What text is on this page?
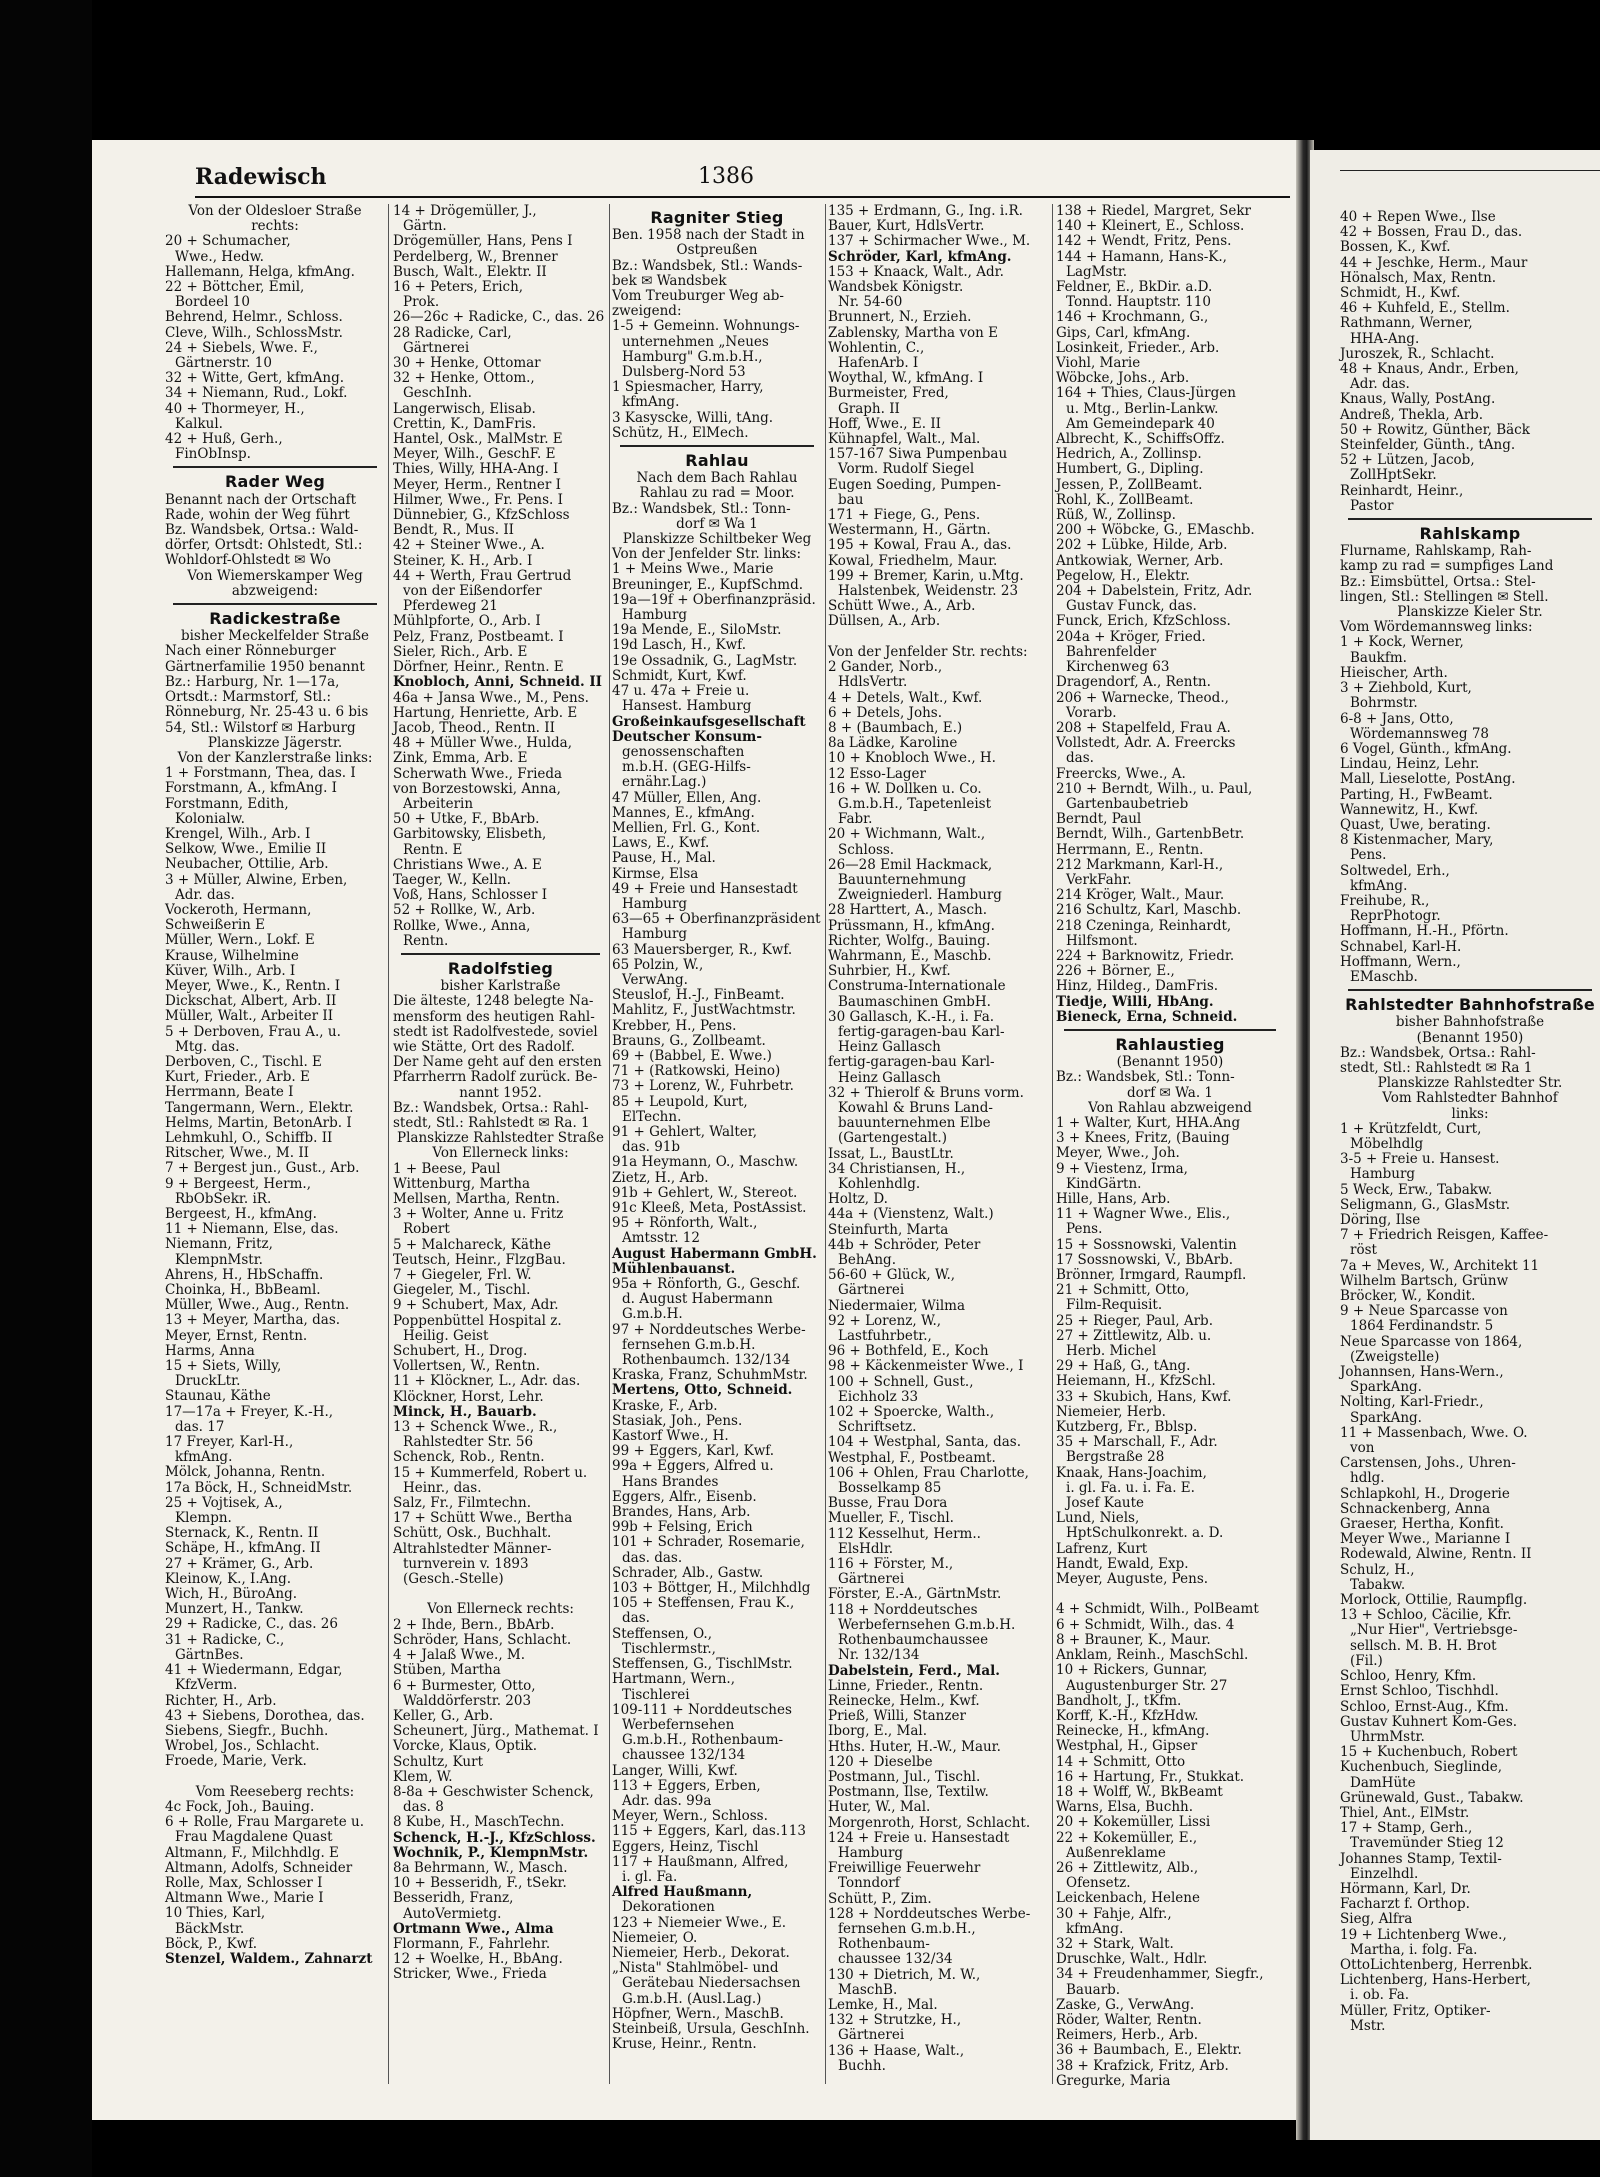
Radewisch	1386
Von der Oldesloer Straße
rechts:
20 + Schumacher,
Wwe., Hedw.
Hallemann, Helga, kfmAng.
22 + Böttcher, Emil,
Bordeel 10
Behrend, Helmr., Schloss.
Cleve, Wilh., SchlossMstr.
24 + Siebels, Wwe. F.,
Gärtnerstr. 10
32 + Witte, Gert, kfmAng.
34 + Niemann, Rud., Lokf.
40 + Thormeyer, H.,
Kalkul.
42 + Huß, Gerh.,
FinObInsp.
Rader Weg
Benannt nach der Ortschaft
Rade, wohin der Weg führt
Bz. Wandsbek, Ortsa.: Wald-
dörfer, Ortsdt: Ohlstedt, Stl.:
Wohldorf-Ohlstedt ✉ Wo
Von Wiemerskamper Weg
abzweigend:
Radickestraße
bisher Meckelfelder Straße
Nach einer Rönneburger
Gärtnerfamilie 1950 benannt
Bz.: Harburg, Nr. 1—17a,
Ortsdt.: Marmstorf, Stl.:
Rönneburg, Nr. 25-43 u. 6 bis
54, Stl.: Wilstorf ✉ Harburg
Planskizze Jägerstr.
Von der Kanzlerstraße links:
1 + Forstmann, Thea, das. I
Forstmann, A., kfmAng. I
Forstmann, Edith,
Kolonialw.
Krengel, Wilh., Arb. I
Selkow, Wwe., Emilie II
Neubacher, Ottilie, Arb.
3 + Müller, Alwine, Erben,
Adr. das.
Vockeroth, Hermann,
Schweißerin E
Müller, Wern., Lokf. E
Krause, Wilhelmine
Küver, Wilh., Arb. I
Meyer, Wwe., K., Rentn. I
Dickschat, Albert, Arb. II
Müller, Walt., Arbeiter II
5 + Derboven, Frau A., u.
Mtg. das.
Derboven, C., Tischl. E
Kurt, Frieder., Arb. E
Herrmann, Beate I
Tangermann, Wern., Elektr.
Helms, Martin, BetonArb. I
Lehmkuhl, O., Schiffb. II
Ritscher, Wwe., M. II
7 + Bergest jun., Gust., Arb.
9 + Bergeest, Herm.,
RbObSekr. iR.
Bergeest, H., kfmAng.
11 + Niemann, Else, das.
Niemann, Fritz,
KlempnMstr.
Ahrens, H., HbSchaffn.
Choinka, H., BbBeaml.
Müller, Wwe., Aug., Rentn.
13 + Meyer, Martha, das.
Meyer, Ernst, Rentn.
Harms, Anna
15 + Siets, Willy,
DruckLtr.
Staunau, Käthe
17—17a + Freyer, K.-H.,
das. 17
17 Freyer, Karl-H.,
kfmAng.
Mölck, Johanna, Rentn.
17a Böck, H., SchneidMstr.
25 + Vojtisek, A.,
Klempn.
Sternack, K., Rentn. II
Schäpe, H., kfmAng. II
27 + Krämer, G., Arb.
Kleinow, K., I.Ang.
Wich, H., BüroAng.
Munzert, H., Tankw.
29 + Radicke, C., das. 26
31 + Radicke, C.,
GärtnBes.
41 + Wiedermann, Edgar,
KfzVerm.
Richter, H., Arb.
43 + Siebens, Dorothea, das.
Siebens, Siegfr., Buchh.
Wrobel, Jos., Schlacht.
Froede, Marie, Verk.

Vom Reeseberg rechts:
4c Fock, Joh., Bauing.
6 + Rolle, Frau Margarete u.
Frau Magdalene Quast
Altmann, F., Milchhdlg. E
Altmann, Adolfs, Schneider
Rolle, Max, Schlosser I
Altmann Wwe., Marie I
10 Thies, Karl,
BäckMstr.
Böck, P., Kwf.
Stenzel, Waldem., Zahnarzt
14 + Drögemüller, J.,
Gärtn.
Drögemüller, Hans, Pens I
Perdelberg, W., Brenner
Busch, Walt., Elektr. II
16 + Peters, Erich,
Prok.
26—26c + Radicke, C., das. 26
28 Radicke, Carl,
Gärtnerei
30 + Henke, Ottomar
32 + Henke, Ottom.,
GeschInh.
Langerwisch, Elisab.
Crettin, K., DamFris.
Hantel, Osk., MalMstr. E
Meyer, Wilh., GeschF. E
Thies, Willy, HHA-Ang. I
Meyer, Herm., Rentner I
Hilmer, Wwe., Fr. Pens. I
Dünnebier, G., KfzSchloss
Bendt, R., Mus. II
42 + Steiner Wwe., A.
Steiner, K. H., Arb. I
44 + Werth, Frau Gertrud
von der Eißendorfer
Pferdeweg 21
Mühlpforte, O., Arb. I
Pelz, Franz, Postbeamt. I
Sieler, Rich., Arb. E
Dörfner, Heinr., Rentn. E
Knobloch, Anni, Schneid. II
46a + Jansa Wwe., M., Pens.
Hartung, Henriette, Arb. E
Jacob, Theod., Rentn. II
48 + Müller Wwe., Hulda,
Zink, Emma, Arb. E
Scherwath Wwe., Frieda
von Borzestowski, Anna,
Arbeiterin
50 + Utke, F., BbArb.
Garbitowsky, Elisbeth,
Rentn. E
Christians Wwe., A. E
Taeger, W., Kelln.
Voß, Hans, Schlosser I
52 + Rollke, W., Arb.
Rollke, Wwe., Anna,
Rentn.
Radolfstieg
bisher Karlstraße
Die älteste, 1248 belegte Na-
mensform des heutigen Rahl-
stedt ist Radolfvestede, soviel
wie Stätte, Ort des Radolf.
Der Name geht auf den ersten
Pfarrherrn Radolf zurück. Be-
nannt 1952.
Bz.: Wandsbek, Ortsa.: Rahl-
stedt, Stl.: Rahlstedt ✉ Ra. 1
Planskizze Rahlstedter Straße
Von Ellerneck links:
1 + Beese, Paul
Wittenburg, Martha
Mellsen, Martha, Rentn.
3 + Wolter, Anne u. Fritz
Robert
5 + Malchareck, Käthe
Teutsch, Heinr., FlzgBau.
7 + Giegeler, Frl. W.
Giegeler, M., Tischl.
9 + Schubert, Max, Adr.
Poppenbüttel Hospital z.
Heilig. Geist
Schubert, H., Drog.
Vollertsen, W., Rentn.
11 + Klöckner, L., Adr. das.
Klöckner, Horst, Lehr.
Minck, H., Bauarb.
13 + Schenck Wwe., R.,
Rahlstedter Str. 56
Schenck, Rob., Rentn.
15 + Kummerfeld, Robert u.
Heinr., das.
Salz, Fr., Filmtechn.
17 + Schütt Wwe., Bertha
Schütt, Osk., Buchhalt.
Altrahlstedter Männer-
turnverein v. 1893
(Gesch.-Stelle)

Von Ellerneck rechts:
2 + Ihde, Bern., BbArb.
Schröder, Hans, Schlacht.
4 + Jalaß Wwe., M.
Stüben, Martha
6 + Burmester, Otto,
Walddörferstr. 203
Keller, G., Arb.
Scheunert, Jürg., Mathemat. I
Vorcke, Klaus, Optik.
Schultz, Kurt
Klem, W.
8-8a + Geschwister Schenck,
das. 8
8 Kube, H., MaschTechn.
Schenck, H.-J., KfzSchloss.
Wochnik, P., KlempnMstr.
8a Behrmann, W., Masch.
10 + Besseridh, F., tSekr.
Besseridh, Franz,
AutoVermietg.
Ortmann Wwe., Alma
Flormann, F., Fahrlehr.
12 + Woelke, H., BbAng.
Stricker, Wwe., Frieda
Ragniter Stieg
Ben. 1958 nach der Stadt in
Ostpreußen
Bz.: Wandsbek, Stl.: Wands-
bek ✉ Wandsbek
Vom Treuburger Weg ab-
zweigend:
1-5 + Gemeinn. Wohnungs-
unternehmen „Neues
Hamburg" G.m.b.H.,
Dulsberg-Nord 53
1 Spiesmacher, Harry,
kfmAng.
3 Kasyscke, Willi, tAng.
Schütz, H., ElMech.
Rahlau
Nach dem Bach Rahlau
Rahlau zu rad = Moor.
Bz.: Wandsbek, Stl.: Tonn-
dorf ✉ Wa 1
Planskizze Schiltbeker Weg
Von der Jenfelder Str. links:
1 + Meins Wwe., Marie
Breuninger, E., KupfSchmd.
19a—19f + Oberfinanzpräsid.
Hamburg
19a Mende, E., SiloMstr.
19d Lasch, H., Kwf.
19e Ossadnik, G., LagMstr.
Schmidt, Kurt, Kwf.
47 u. 47a + Freie u.
Hansest. Hamburg
Großeinkaufsgesellschaft
Deutscher Konsum-
genossenschaften
m.b.H. (GEG-Hilfs-
ernähr.Lag.)
47 Müller, Ellen, Ang.
Mannes, E., kfmAng.
Mellien, Frl. G., Kont.
Laws, E., Kwf.
Pause, H., Mal.
Kirmse, Elsa
49 + Freie und Hansestadt
Hamburg
63—65 + Oberfinanzpräsident
Hamburg
63 Mauersberger, R., Kwf.
65 Polzin, W.,
VerwAng.
Steuslof, H.-J., FinBeamt.
Mahlitz, F., JustWachtmstr.
Krebber, H., Pens.
Brauns, G., Zollbeamt.
69 + (Babbel, E. Wwe.)
71 + (Ratkowski, Heino)
73 + Lorenz, W., Fuhrbetr.
85 + Leupold, Kurt,
ElTechn.
91 + Gehlert, Walter,
das. 91b
91a Heymann, O., Maschw.
Zietz, H., Arb.
91b + Gehlert, W., Stereot.
91c Kleeß, Meta, PostAssist.
95 + Rönforth, Walt.,
Amtsstr. 12
August Habermann GmbH.
Mühlenbauanst.
95a + Rönforth, G., Geschf.
d. August Habermann
G.m.b.H.
97 + Norddeutsches Werbe-
fernsehen G.m.b.H.
Rothenbaumch. 132/134
Kraska, Franz, SchuhmMstr.
Mertens, Otto, Schneid.
Kraske, F., Arb.
Stasiak, Joh., Pens.
Kastorf Wwe., H.
99 + Eggers, Karl, Kwf.
99a + Eggers, Alfred u.
Hans Brandes
Eggers, Alfr., Eisenb.
Brandes, Hans, Arb.
99b + Felsing, Erich
101 + Schrader, Rosemarie,
das. das.
Schrader, Alb., Gastw.
103 + Böttger, H., Milchhdlg
105 + Steffensen, Frau K.,
das.
Steffensen, O.,
Tischlermstr.,
Steffensen, G., TischlMstr.
Hartmann, Wern.,
Tischlerei
109-111 + Norddeutsches
Werbefernsehen
G.m.b.H., Rothenbaum-
chaussee 132/134
Langer, Willi, Kwf.
113 + Eggers, Erben,
Adr. das. 99a
Meyer, Wern., Schloss.
115 + Eggers, Karl, das.113
Eggers, Heinz, Tischl
117 + Haußmann, Alfred,
i. gl. Fa.
Alfred Haußmann,
Dekorationen
123 + Niemeier Wwe., E.
Niemeier, O.
Niemeier, Herb., Dekorat.
„Nista" Stahlmöbel- und
Gerätebau Niedersachsen
G.m.b.H. (Ausl.Lag.)
Höpfner, Wern., MaschB.
Steinbeiß, Ursula, GeschInh.
Kruse, Heinr., Rentn.
135 + Erdmann, G., Ing. i.R.
Bauer, Kurt, HdlsVertr.
137 + Schirmacher Wwe., M.
Schröder, Karl, kfmAng.
153 + Knaack, Walt., Adr.
Wandsbek Königstr.
Nr. 54-60
Brunnert, N., Erzieh.
Zablensky, Martha von E
Wohlentin, C.,
HafenArb. I
Woythal, W., kfmAng. I
Burmeister, Fred,
Graph. II
Hoff, Wwe., E. II
Kühnapfel, Walt., Mal.
157-167 Siwa Pumpenbau
Vorm. Rudolf Siegel
Eugen Soeding, Pumpen-
bau
171 + Fiege, G., Pens.
Westermann, H., Gärtn.
195 + Kowal, Frau A., das.
Kowal, Friedhelm, Maur.
199 + Bremer, Karin, u.Mtg.
Halstenbek, Weidenstr. 23
Schütt Wwe., A., Arb.
Düllsen, A., Arb.

Von der Jenfelder Str. rechts:
2 Gander, Norb.,
HdlsVertr.
4 + Detels, Walt., Kwf.
6 + Detels, Johs.
8 + (Baumbach, E.)
8a Lädke, Karoline
10 + Knobloch Wwe., H.
12 Esso-Lager
16 + W. Dollken u. Co.
G.m.b.H., Tapetenleist
Fabr.
20 + Wichmann, Walt.,
Schloss.
26—28 Emil Hackmack,
Bauunternehmung
Zweigniederl. Hamburg
28 Harttert, A., Masch.
Prüssmann, H., kfmAng.
Richter, Wolfg., Bauing.
Wahrmann, E., Maschb.
Suhrbier, H., Kwf.
Construma-Internationale
Baumaschinen GmbH.
30 Gallasch, K.-H., i. Fa.
fertig-garagen-bau Karl-
Heinz Gallasch
fertig-garagen-bau Karl-
Heinz Gallasch
32 + Thierolf & Bruns vorm.
Kowahl & Bruns Land-
bauunternehmen Elbe
(Gartengestalt.)
Issat, L., BaustLtr.
34 Christiansen, H.,
Kohlenhdlg.
Holtz, D.
44a + (Vienstenz, Walt.)
Steinfurth, Marta
44b + Schröder, Peter
BehAng.
56-60 + Glück, W.,
Gärtnerei
Niedermaier, Wilma
92 + Lorenz, W.,
Lastfuhrbetr.,
96 + Bothfeld, E., Koch
98 + Käckenmeister Wwe., I
100 + Schnell, Gust.,
Eichholz 33
102 + Spoercke, Walth.,
Schriftsetz.
104 + Westphal, Santa, das.
Westphal, F., Postbeamt.
106 + Ohlen, Frau Charlotte,
Bosselkamp 85
Busse, Frau Dora
Mueller, F., Tischl.
112 Kesselhut, Herm..
ElsHdlr.
116 + Förster, M.,
Gärtnerei
Förster, E.-A., GärtnMstr.
118 + Norddeutsches
Werbefernsehen G.m.b.H.
Rothenbaumchaussee
Nr. 132/134
Dabelstein, Ferd., Mal.
Linne, Frieder., Rentn.
Reinecke, Helm., Kwf.
Prieß, Willi, Stanzer
Iborg, E., Mal.
Hths. Huter, H.-W., Maur.
120 + Dieselbe
Postmann, Jul., Tischl.
Postmann, Ilse, Textilw.
Huter, W., Mal.
Morgenroth, Horst, Schlacht.
124 + Freie u. Hansestadt
Hamburg
Freiwillige Feuerwehr
Tonndorf
Schütt, P., Zim.
128 + Norddeutsches Werbe-
fernsehen G.m.b.H.,
Rothenbaum-
chaussee 132/34
130 + Dietrich, M. W.,
MaschB.
Lemke, H., Mal.
132 + Strutzke, H.,
Gärtnerei
136 + Haase, Walt.,
Buchh.
138 + Riedel, Margret, Sekr
140 + Kleinert, E., Schloss.
142 + Wendt, Fritz, Pens.
144 + Hamann, Hans-K.,
LagMstr.
Feldner, E., BkDir. a.D.
Tonnd. Hauptstr. 110
146 + Krochmann, G.,
Gips, Carl, kfmAng.
Losinkeit, Frieder., Arb.
Viohl, Marie
Wöbcke, Johs., Arb.
164 + Thies, Claus-Jürgen
u. Mtg., Berlin-Lankw.
Am Gemeindepark 40
Albrecht, K., SchiffsOffz.
Hedrich, A., Zollinsp.
Humbert, G., Dipling.
Jessen, P., ZollBeamt.
Rohl, K., ZollBeamt.
Rüß, W., Zollinsp.
200 + Wöbcke, G., EMaschb.
202 + Lübke, Hilde, Arb.
Antkowiak, Werner, Arb.
Pegelow, H., Elektr.
204 + Dabelstein, Fritz, Adr.
Gustav Funck, das.
Funck, Erich, KfzSchloss.
204a + Kröger, Fried.
Bahrenfelder
Kirchenweg 63
Dragendorf, A., Rentn.
206 + Warnecke, Theod.,
Vorarb.
208 + Stapelfeld, Frau A.
Vollstedt, Adr. A. Freercks
das.
Freercks, Wwe., A.
210 + Berndt, Wilh., u. Paul,
Gartenbaubetrieb
Berndt, Paul
Berndt, Wilh., GartenbBetr.
Herrmann, E., Rentn.
212 Markmann, Karl-H.,
VerkFahr.
214 Kröger, Walt., Maur.
216 Schultz, Karl, Maschb.
218 Czeninga, Reinhardt,
Hilfsmont.
224 + Barknowitz, Friedr.
226 + Börner, E.,
Hinz, Hildeg., DamFris.
Tiedje, Willi, HbAng.
Bieneck, Erna, Schneid.
Rahlaustieg
(Benannt 1950)
Bz.: Wandsbek, Stl.: Tonn-
dorf ✉ Wa. 1
Von Rahlau abzweigend
1 + Walter, Kurt, HHA.Ang
3 + Knees, Fritz, (Bauing
Meyer, Wwe., Joh.
9 + Viestenz, Irma,
KindGärtn.
Hille, Hans, Arb.
11 + Wagner Wwe., Elis.,
Pens.
15 + Sossnowski, Valentin
17 Sossnowski, V., BbArb.
Brönner, Irmgard, Raumpfl.
21 + Schmitt, Otto,
Film-Requisit.
25 + Rieger, Paul, Arb.
27 + Zittlewitz, Alb. u.
Herb. Michel
29 + Haß, G., tAng.
Heiemann, H., KfzSchl.
33 + Skubich, Hans, Kwf.
Niemeier, Herb.
Kutzberg, Fr., Bblsp.
35 + Marschall, F., Adr.
Bergstraße 28
Knaak, Hans-Joachim,
i. gl. Fa. u. i. Fa. E.
Josef Kaute
Lund, Niels,
HptSchulkonrekt. a. D.
Lafrenz, Kurt
Handt, Ewald, Exp.
Meyer, Auguste, Pens.

4 + Schmidt, Wilh., PolBeamt
6 + Schmidt, Wilh., das. 4
8 + Brauner, K., Maur.
Anklam, Reinh., MaschSchl.
10 + Rickers, Gunnar,
Augustenburger Str. 27
Bandholt, J., tKfm.
Korff, K.-H., KfzHdw.
Reinecke, H., kfmAng.
Westphal, H., Gipser
14 + Schmitt, Otto
16 + Hartung, Fr., Stukkat.
18 + Wolff, W., BkBeamt
Warns, Elsa, Buchh.
20 + Kokemüller, Lissi
22 + Kokemüller, E.,
Außenreklame
26 + Zittlewitz, Alb.,
Ofensetz.
Leickenbach, Helene
30 + Fahje, Alfr.,
kfmAng.
32 + Stark, Walt.
Druschke, Walt., Hdlr.
34 + Freudenhammer, Siegfr.,
Bauarb.
Zaske, G., VerwAng.
Röder, Walter, Rentn.
Reimers, Herb., Arb.
36 + Baumbach, E., Elektr.
38 + Krafzick, Fritz, Arb.
Gregurke, Maria
40 + Repen Wwe., Ilse
42 + Bossen, Frau D., das.
Bossen, K., Kwf.
44 + Jeschke, Herm., Maur
Hönalsch, Max, Rentn.
Schmidt, H., Kwf.
46 + Kuhfeld, E., Stellm.
Rathmann, Werner,
HHA-Ang.
Juroszek, R., Schlacht.
48 + Knaus, Andr., Erben,
Adr. das.
Knaus, Wally, PostAng.
Andreß, Thekla, Arb.
50 + Rowitz, Günther, Bäck
Steinfelder, Günth., tAng.
52 + Lützen, Jacob,
ZollHptSekr.
Reinhardt, Heinr.,
Pastor
Rahlskamp
Flurname, Rahlskamp, Rah-
kamp zu rad = sumpfiges Land
Bz.: Eimsbüttel, Ortsa.: Stel-
lingen, Stl.: Stellingen ✉ Stell.
Planskizze Kieler Str.
Vom Wördemannsweg links:
1 + Kock, Werner,
Baukfm.
Hieischer, Arth.
3 + Ziehbold, Kurt,
Bohrmstr.
6-8 + Jans, Otto,
Wördemannsweg 78
6 Vogel, Günth., kfmAng.
Lindau, Heinz, Lehr.
Mall, Lieselotte, PostAng.
Parting, H., FwBeamt.
Wannewitz, H., Kwf.
Quast, Uwe, berating.
8 Kistenmacher, Mary,
Pens.
Soltwedel, Erh.,
kfmAng.
Freihube, R.,
ReprPhotogr.
Hoffmann, H.-H., Pförtn.
Schnabel, Karl-H.
Hoffmann, Wern.,
EMaschb.
Rahlstedter Bahnhofstraße
bisher Bahnhofstraße
(Benannt 1950)
Bz.: Wandsbek, Ortsa.: Rahl-
stedt, Stl.: Rahlstedt ✉ Ra 1
Planskizze Rahlstedter Str.
Vom Rahlstedter Bahnhof
links:
1 + Krützfeldt, Curt,
Möbelhdlg
3-5 + Freie u. Hansest.
Hamburg
5 Weck, Erw., Tabakw.
Seligmann, G., GlasMstr.
Döring, Ilse
7 + Friedrich Reisgen, Kaffee-
röst
7a + Meves, W., Architekt 11
Wilhelm Bartsch, Grünw
Bröcker, W., Kondit.
9 + Neue Sparcasse von
1864 Ferdinandstr. 5
Neue Sparcasse von 1864,
(Zweigstelle)
Johannsen, Hans-Wern.,
SparkAng.
Nolting, Karl-Friedr.,
SparkAng.
11 + Massenbach, Wwe. O.
von
Carstensen, Johs., Uhren-
hdlg.
Schlapkohl, H., Drogerie
Schnackenberg, Anna
Graeser, Hertha, Konfit.
Meyer Wwe., Marianne I
Rodewald, Alwine, Rentn. II
Schulz, H.,
Tabakw.
Morlock, Ottilie, Raumpflg.
13 + Schloo, Cäcilie, Kfr.
„Nur Hier", Vertriebsge-
sellsch. M. B. H. Brot
(Fil.)
Schloo, Henry, Kfm.
Ernst Schloo, Tischhdl.
Schloo, Ernst-Aug., Kfm.
Gustav Kuhnert Kom-Ges.
UhrmMstr.
15 + Kuchenbuch, Robert
Kuchenbuch, Sieglinde,
DamHüte
Grünewald, Gust., Tabakw.
Thiel, Ant., ElMstr.
17 + Stamp, Gerh.,
Travemünder Stieg 12
Johannes Stamp, Textil-
Einzelhdl.
Hörmann, Karl, Dr.
Facharzt f. Orthop.
Sieg, Alfra
19 + Lichtenberg Wwe.,
Martha, i. folg. Fa.
OttoLichtenberg, Herrenbk.
Lichtenberg, Hans-Herbert,
i. ob. Fa.
Müller, Fritz, Optiker-
Mstr.
